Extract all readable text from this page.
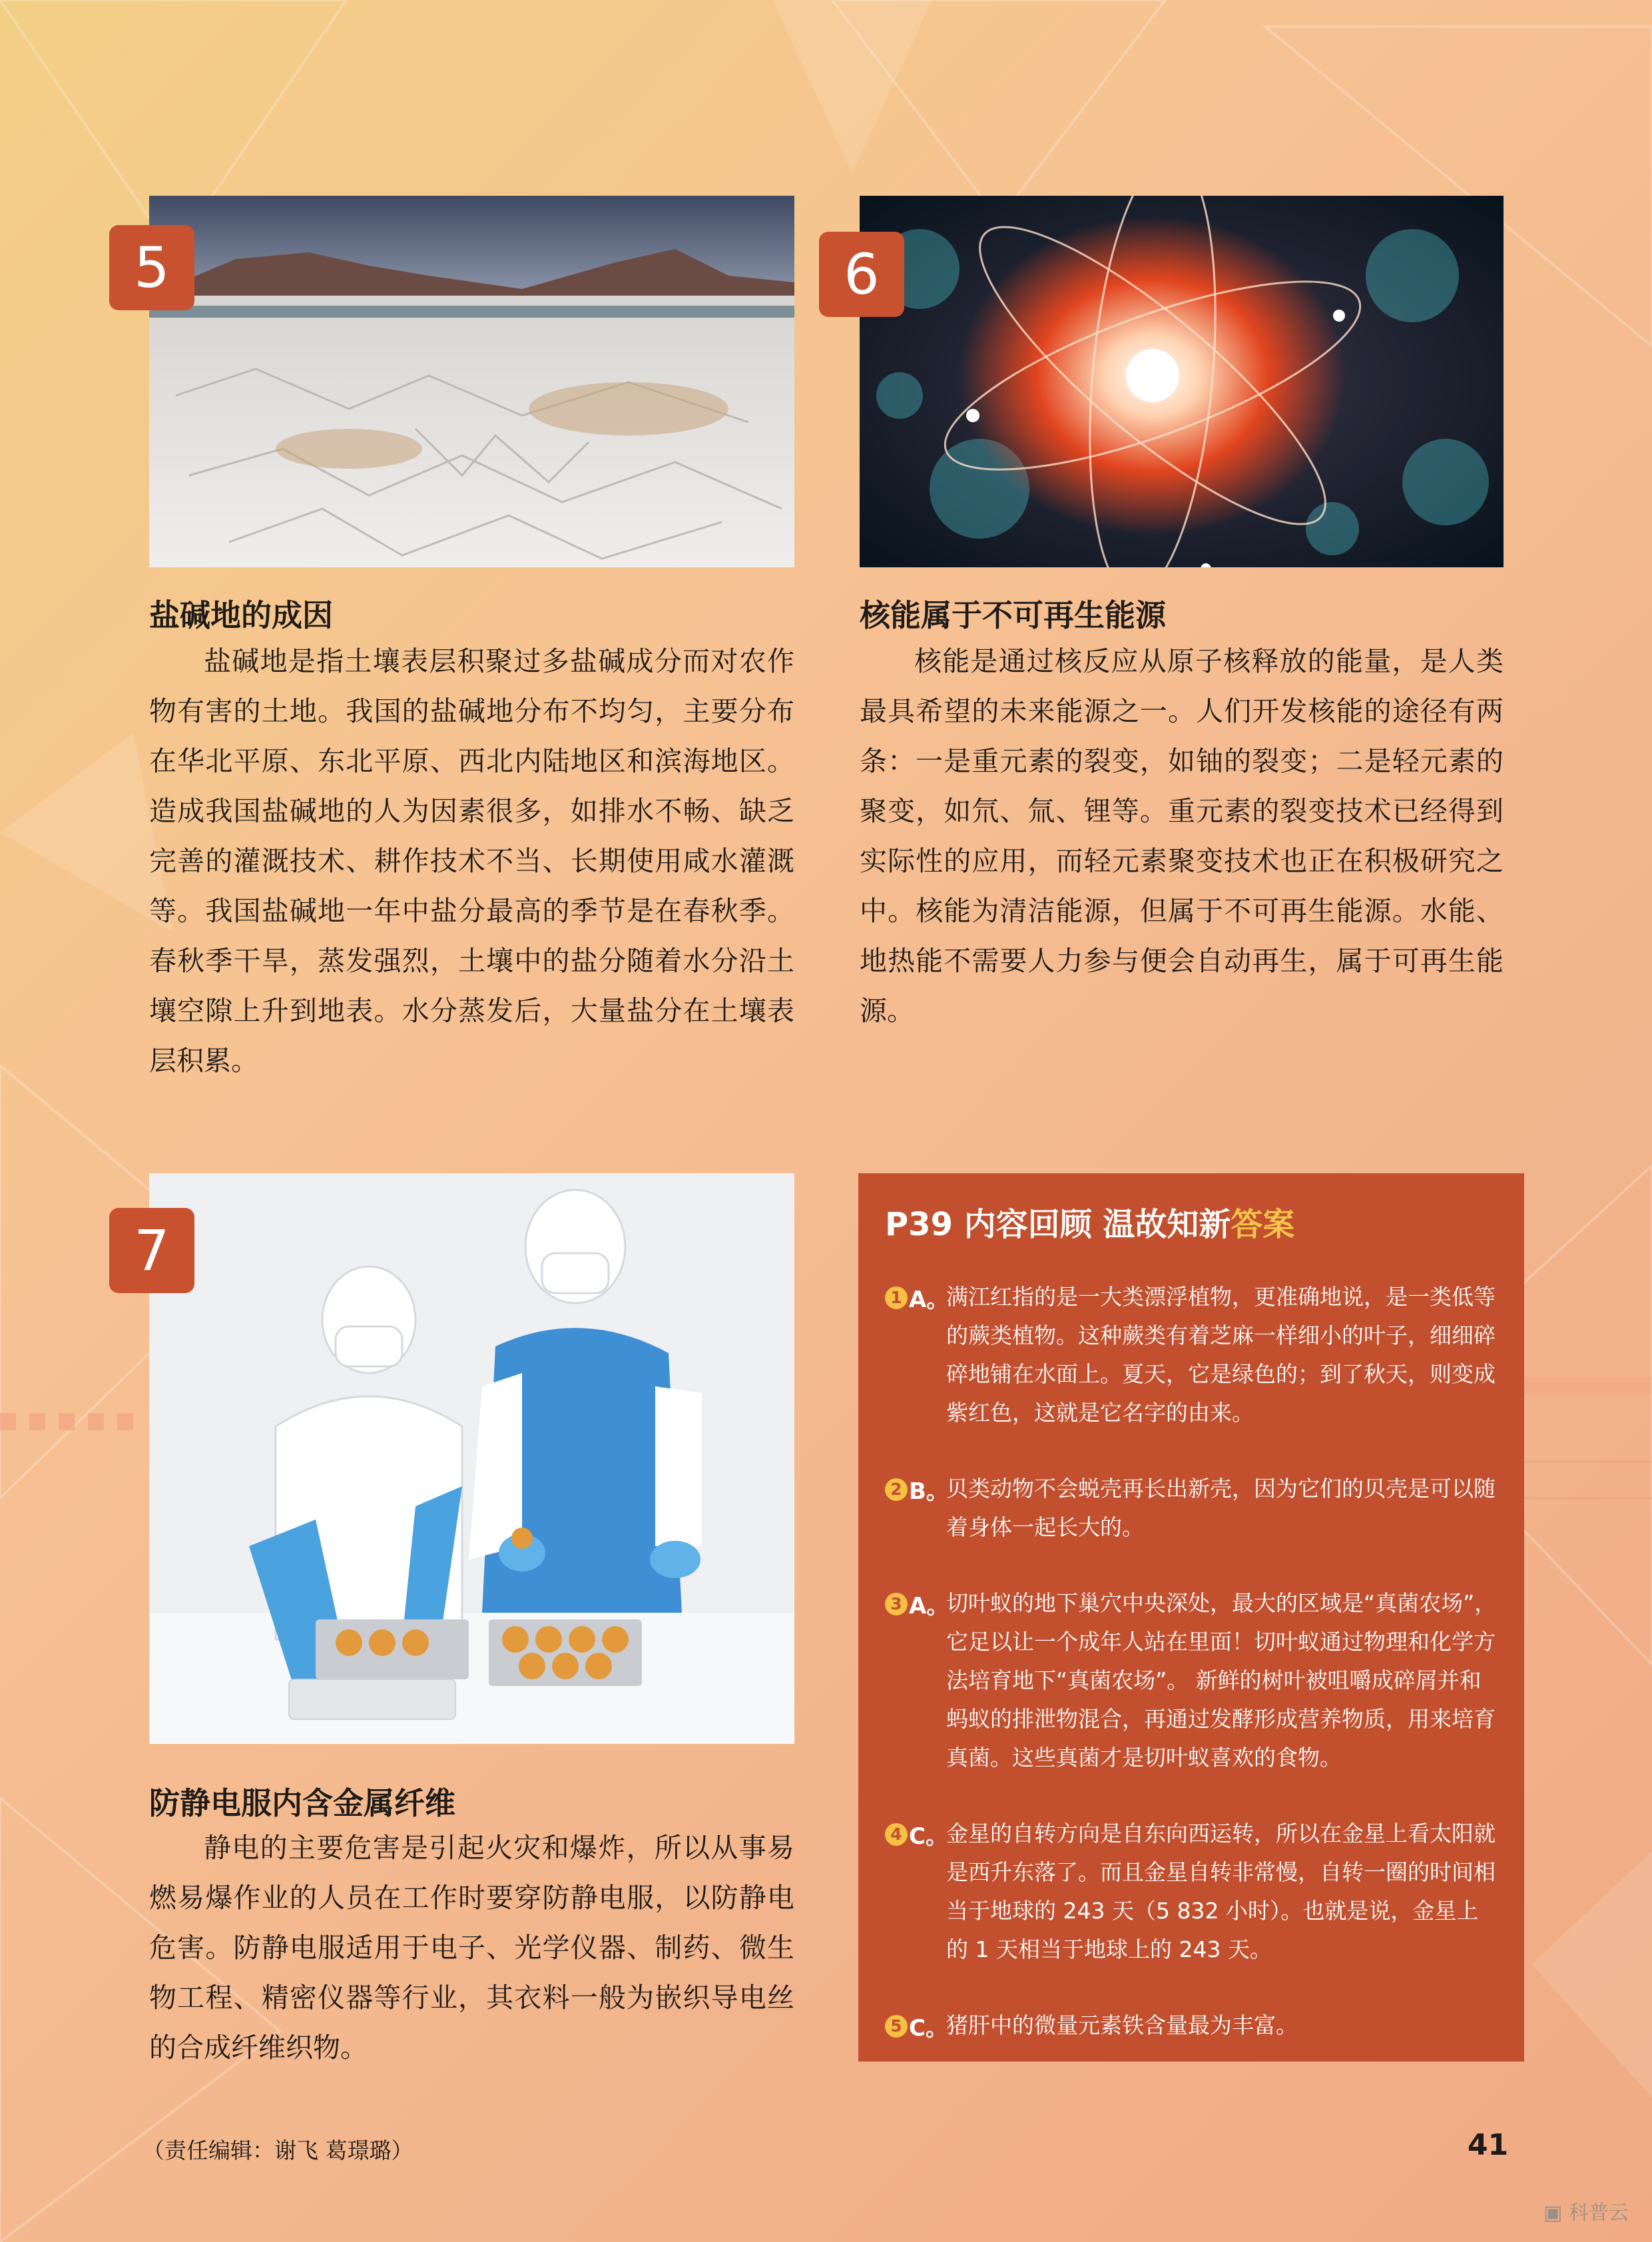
5
盐碱地的成因

盐碱地是指土壤表层积聚过多盐碱成分而对农作物有害的土地。我国的盐碱地分布不均匀，主要分布在华北平原、东北平原、西北内陆地区和滨海地区。造成我国盐碱地的人为因素很多，如排水不畅、缺乏完善的灌溉技术、耕作技术不当、长期使用咸水灌溉等。我国盐碱地一年中盐分最高的季节是在春秋季。春秋季干旱，蒸发强烈，土壤中的盐分随着水分沿土壤空隙上升到地表。水分蒸发后，大量盐分在土壤表层积累。

6
核能属于不可再生能源

核能是通过核反应从原子核释放的能量，是人类最具希望的未来能源之一。人们开发核能的途径有两条：一是重元素的裂变，如铀的裂变；二是轻元素的聚变，如氘、氚、锂等。重元素的裂变技术已经得到实际性的应用，而轻元素聚变技术也正在积极研究之中。核能为清洁能源，但属于不可再生能源。水能、地热能不需要人力参与便会自动再生，属于可再生能源。

7
防静电服内含金属纤维

静电的主要危害是引起火灾和爆炸，所以从事易燃易爆作业的人员在工作时要穿防静电服，以防静电危害。防静电服适用于电子、光学仪器、制药、微生物工程、精密仪器等行业，其衣料一般为嵌织导电丝的合成纤维织物。

P39 内容回顾 温故知新答案
1 A。

满江红指的是一大类漂浮植物，更准确地说，是一类低等的蕨类植物。这种蕨类有着芝麻一样细小的叶子，细细碎碎地铺在水面上。夏天，它是绿色的；到了秋天，则变成紫红色，这就是它名字的由来。

2 B。

贝类动物不会蜕壳再长出新壳，因为它们的贝壳是可以随着身体一起长大的。

3 A。

切叶蚁的地下巢穴中央深处，最大的区域是“真菌农场”，它足以让一个成年人站在里面！切叶蚁通过物理和化学方法培育地下“真菌农场”。 新鲜的树叶被咀嚼成碎屑并和蚂蚁的排泄物混合，再通过发酵形成营养物质，用来培育真菌。这些真菌才是切叶蚁喜欢的食物。

4 C。

金星的自转方向是自东向西运转，所以在金星上看太阳就是西升东落了。而且金星自转非常慢，自转一圈的时间相当于地球的 243 天（5 832 小时）。也就是说，金星上的 1 天相当于地球上的 243 天。

5 C。

猪肝中的微量元素铁含量最为丰富。

（责任编辑：谢飞 葛璟璐）	41
▣ 科普云
